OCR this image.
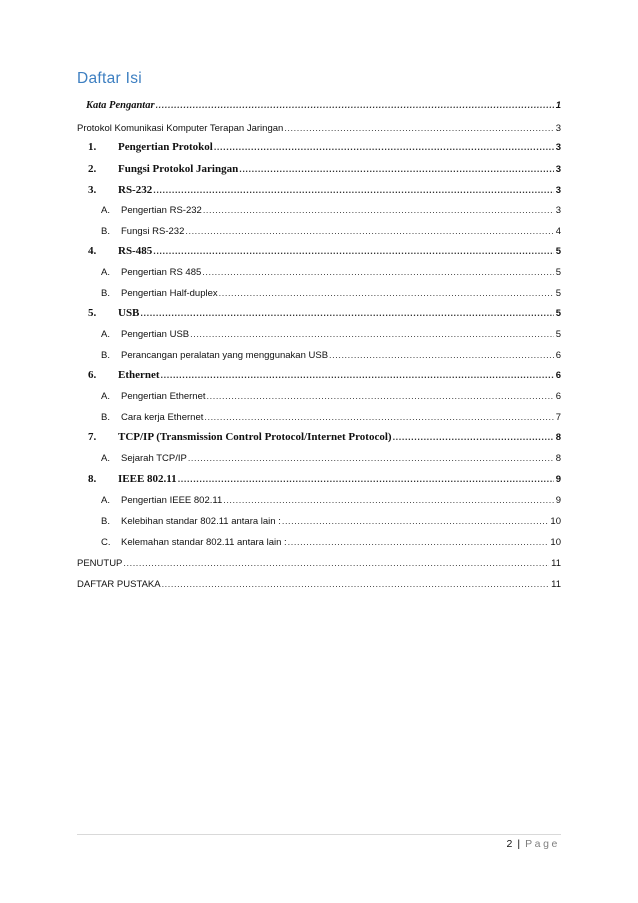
Daftar Isi
Kata Pengantar .....	1
Protokol Komunikasi Komputer Terapan Jaringan .....	3
1.	Pengertian Protokol .....	3
2.	Fungsi Protokol Jaringan .....	3
3.	RS-232 .....	3
A.	Pengertian RS-232 .....	3
B.	Fungsi RS-232 .....	4
4.	RS-485 .....	5
A.	Pengertian RS 485 .....	5
B.	Pengertian Half-duplex .....	5
5.	USB .....	5
A.	Pengertian USB .....	5
B.	Perancangan peralatan yang menggunakan USB .....	6
6.	Ethernet .....	6
A.	Pengertian Ethernet .....	6
B.	Cara kerja Ethernet .....	7
7.	TCP/IP (Transmission Control Protocol/Internet Protocol) .....	8
A.	Sejarah TCP/IP .....	8
8.	IEEE 802.11 .....	9
A.	Pengertian IEEE 802.11 .....	9
B.	Kelebihan standar 802.11 antara lain : .....	10
C.	Kelemahan standar 802.11 antara lain : .....	10
PENUTUP .....	11
DAFTAR PUSTAKA .....	11
2 | Page
